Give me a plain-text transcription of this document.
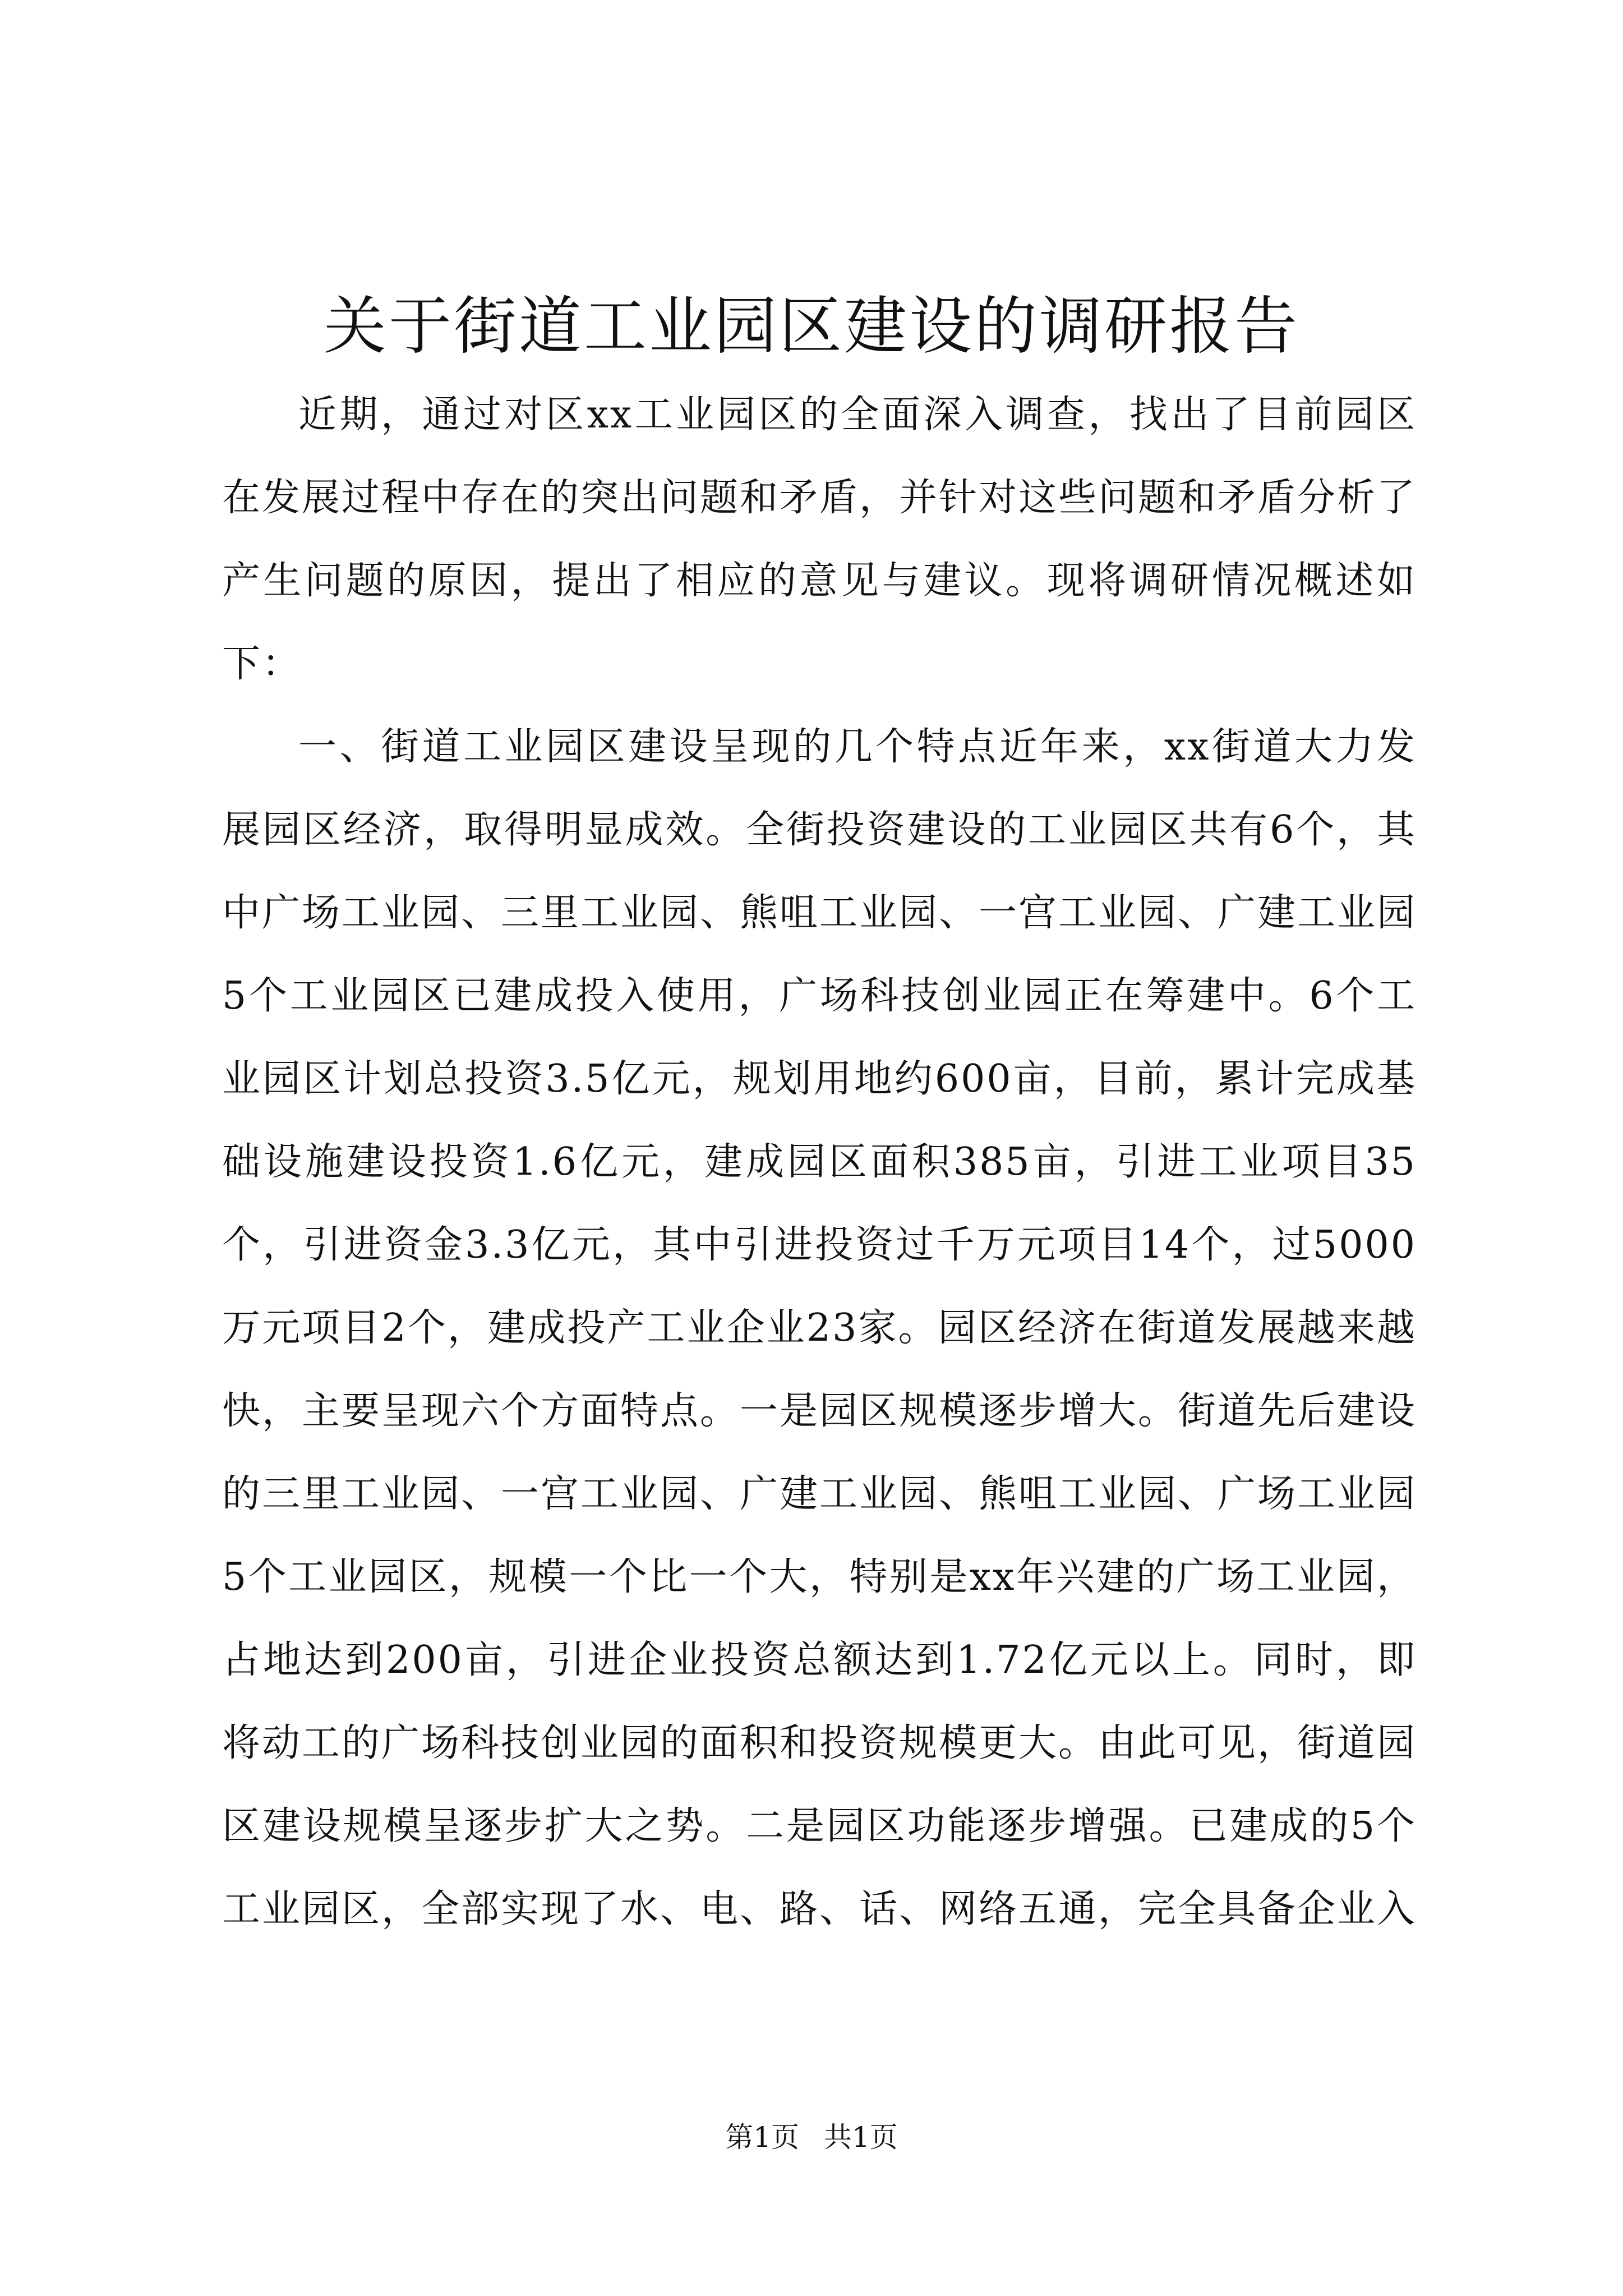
关于街道工业园区建设的调研报告

近期，通过对区xx工业园区的全面深入调查，找出了目前园区在发展过程中存在的突出问题和矛盾，并针对这些问题和矛盾分析了产生问题的原因，提出了相应的意见与建议。现将调研情况概述如下：

一、街道工业园区建设呈现的几个特点近年来，xx街道大力发展园区经济，取得明显成效。全街投资建设的工业园区共有6个，其中广场工业园、三里工业园、熊咀工业园、一宫工业园、广建工业园5个工业园区已建成投入使用，广场科技创业园正在筹建中。6个工业园区计划总投资3.5亿元，规划用地约600亩，目前，累计完成基础设施建设投资1.6亿元，建成园区面积385亩，引进工业项目35个，引进资金3.3亿元，其中引进投资过千万元项目14个，过5000万元项目2个，建成投产工业企业23家。园区经济在街道发展越来越快，主要呈现六个方面特点。一是园区规模逐步增大。街道先后建设的三里工业园、一宫工业园、广建工业园、熊咀工业园、广场工业园5个工业园区，规模一个比一个大，特别是xx年兴建的广场工业园，占地达到200亩，引进企业投资总额达到1.72亿元以上。同时，即将动工的广场科技创业园的面积和投资规模更大。由此可见，街道园区建设规模呈逐步扩大之势。二是园区功能逐步增强。已建成的5个工业园区，全部实现了水、电、路、话、网络五通，完全具备企业入

第1页 共1页
